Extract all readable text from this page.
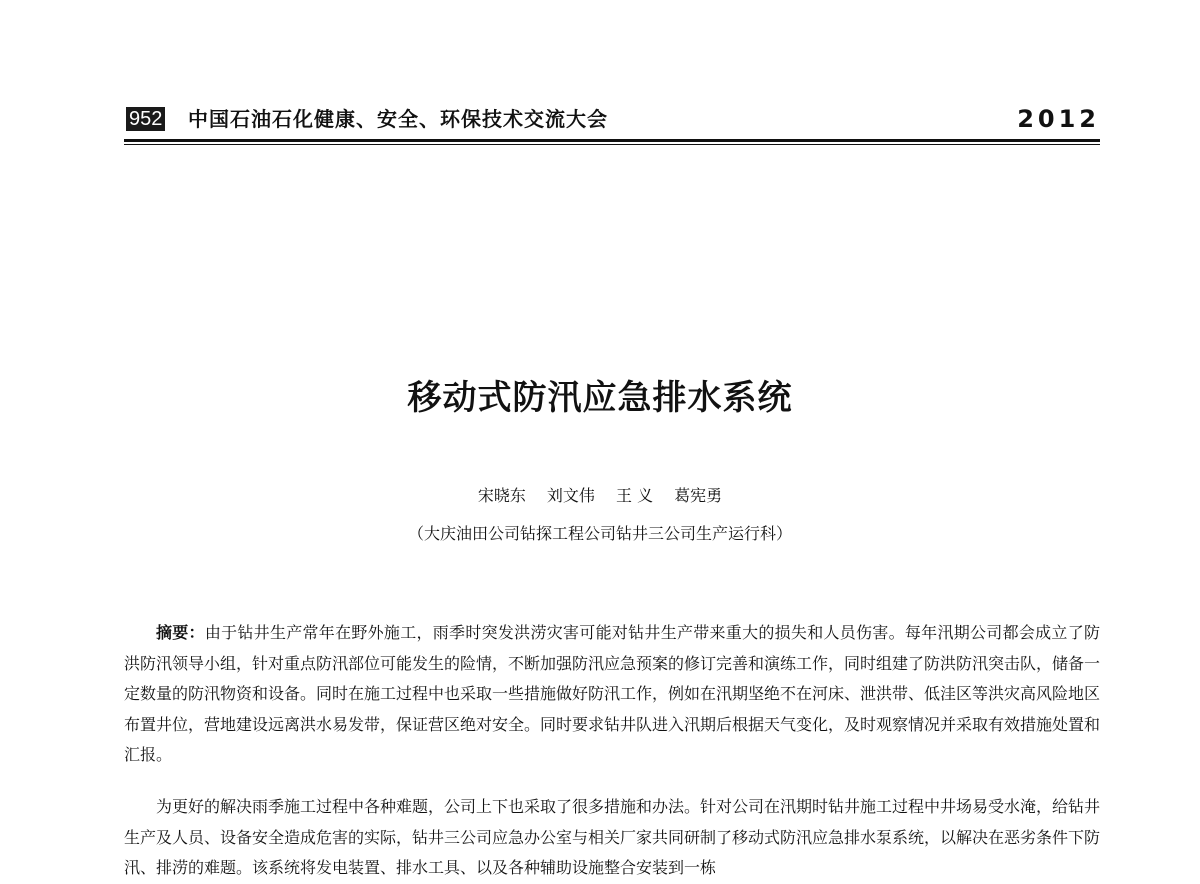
952 中国石油石化健康、安全、环保技术交流大会	2012
移动式防汛应急排水系统
宋晓东　 刘文伟　 王 义　 葛宪勇
（大庆油田公司钻探工程公司钻井三公司生产运行科）

摘要：由于钻井生产常年在野外施工，雨季时突发洪涝灾害可能对钻井生产带来重大的损失和人员伤害。每年汛期公司都会成立了防洪防汛领导小组，针对重点防汛部位可能发生的险情，不断加强防汛应急预案的修订完善和演练工作，同时组建了防洪防汛突击队，储备一定数量的防汛物资和设备。同时在施工过程中也采取一些措施做好防汛工作，例如在汛期坚绝不在河床、泄洪带、低洼区等洪灾高风险地区布置井位，营地建设远离洪水易发带，保证营区绝对安全。同时要求钻井队进入汛期后根据天气变化，及时观察情况并采取有效措施处置和汇报。

为更好的解决雨季施工过程中各种难题，公司上下也采取了很多措施和办法。针对公司在汛期时钻井施工过程中井场易受水淹，给钻井生产及人员、设备安全造成危害的实际，钻井三公司应急办公室与相关厂家共同研制了移动式防汛应急排水泵系统，以解决在恶劣条件下防汛、排涝的难题。该系统将发电装置、排水工具、以及各种辅助设施整合安装到一栋
